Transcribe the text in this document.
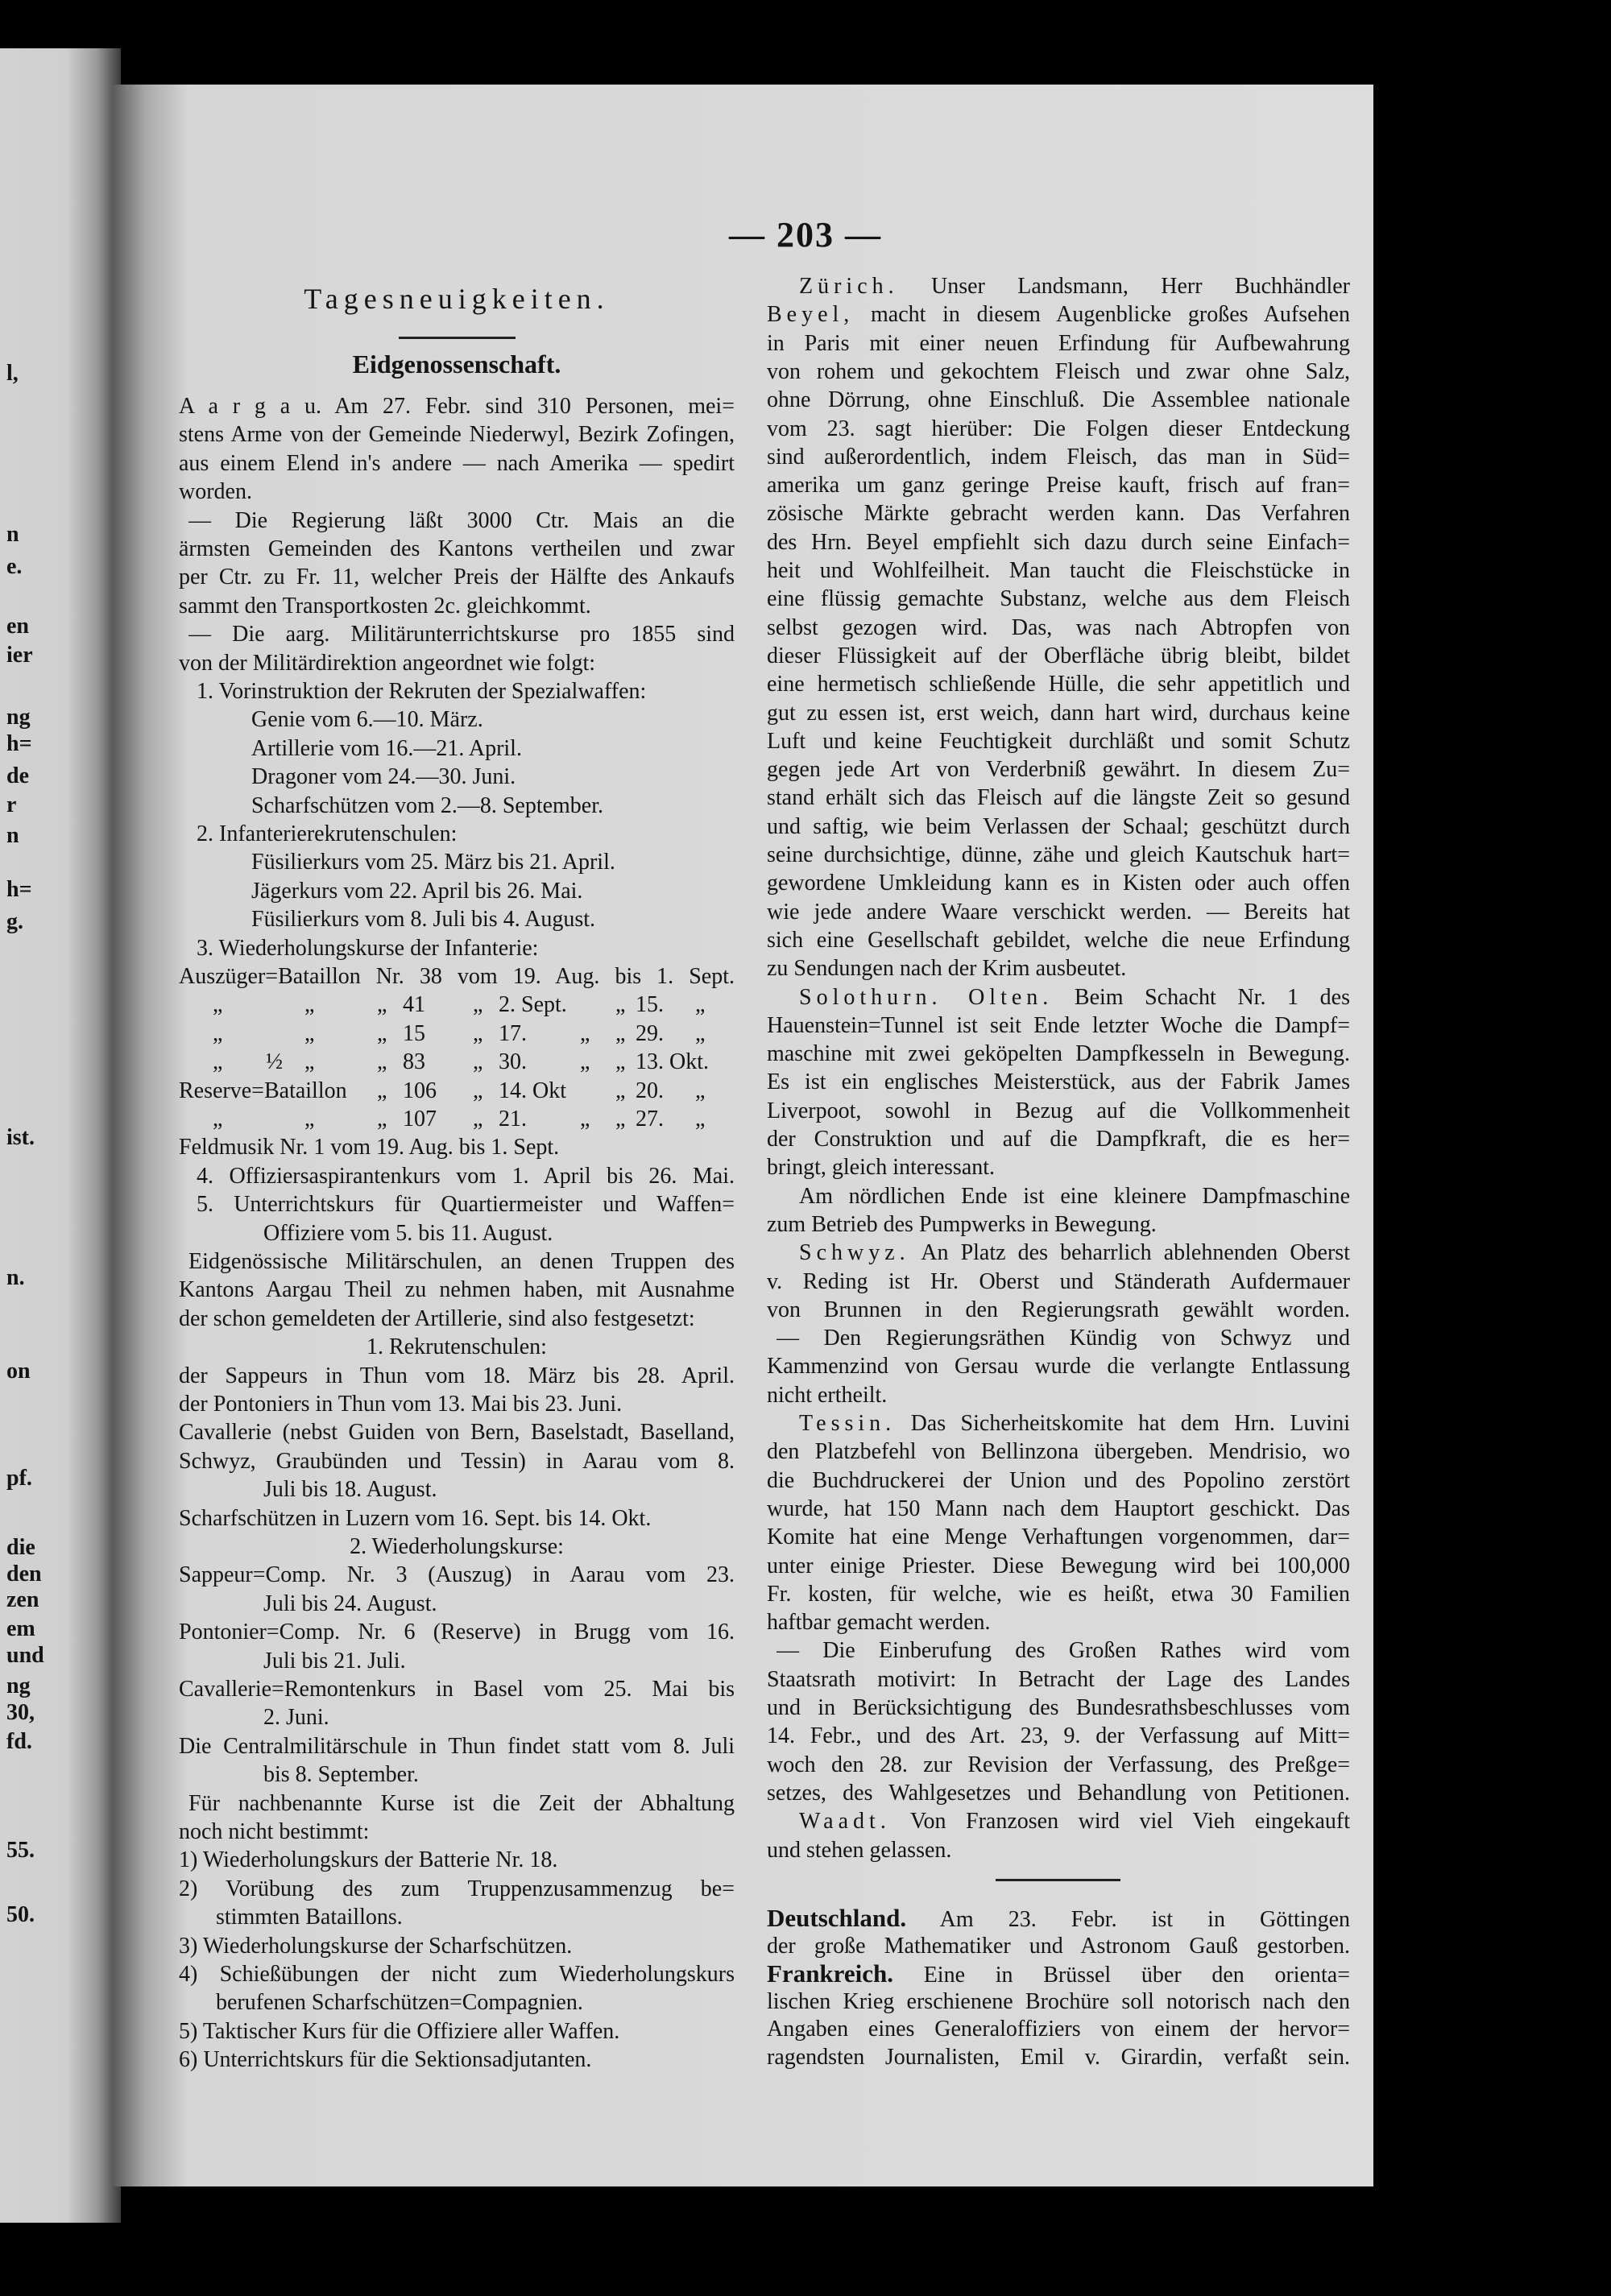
l,
n
e.
en
ier
ng
h=
de
r
n
h=
g.
ist.
n.
on
pf.
die
den
zen
em
und
ng
30,
fd.
55.
50.
— 203 —
Tagesneuigkeiten.
Eidgenossenschaft.
A a r g a u. Am 27. Febr. sind 310 Personen, mei=
stens Arme von der Gemeinde Niederwyl, Bezirk Zofingen,
aus einem Elend in's andere — nach Amerika — spedirt
worden.
— Die Regierung läßt 3000 Ctr. Mais an die
ärmsten Gemeinden des Kantons vertheilen und zwar
per Ctr. zu Fr. 11, welcher Preis der Hälfte des Ankaufs
sammt den Transportkosten 2c. gleichkommt.
— Die aarg. Militärunterrichtskurse pro 1855 sind
von der Militärdirektion angeordnet wie folgt:
1. Vorinstruktion der Rekruten der Spezialwaffen:
Genie vom 6.—10. März.
Artillerie vom 16.—21. April.
Dragoner vom 24.—30. Juni.
Scharfschützen vom 2.—8. September.
2. Infanterierekrutenschulen:
Füsilierkurs vom 25. März bis 21. April.
Jägerkurs vom 22. April bis 26. Mai.
Füsilierkurs vom 8. Juli bis 4. August.
3. Wiederholungskurse der Infanterie:
Auszüger=Bataillon Nr. 38 vom 19. Aug. bis 1. Sept.
„	„	„ 41 „ 2. Sept. „ 15. „
„	„	„ 15 „ 17. „ „ 29. „
„ ½ „	„ 83 „ 30. „ „ 13. Okt.
Reserve=Bataillon „ 106 „ 14. Okt „ 20. „
„	„	„ 107 „ 21. „ „ 27. „
Feldmusik Nr. 1 vom 19. Aug. bis 1. Sept.
4. Offiziersaspirantenkurs vom 1. April bis 26. Mai.
5. Unterrichtskurs für Quartiermeister und Waffen=
Offiziere vom 5. bis 11. August.
Eidgenössische Militärschulen, an denen Truppen des
Kantons Aargau Theil zu nehmen haben, mit Ausnahme
der schon gemeldeten der Artillerie, sind also festgesetzt:
1. Rekrutenschulen:
der Sappeurs in Thun vom 18. März bis 28. April.
der Pontoniers in Thun vom 13. Mai bis 23. Juni.
Cavallerie (nebst Guiden von Bern, Baselstadt, Baselland,
Schwyz, Graubünden und Tessin) in Aarau vom 8.
Juli bis 18. August.
Scharfschützen in Luzern vom 16. Sept. bis 14. Okt.
2. Wiederholungskurse:
Sappeur=Comp. Nr. 3 (Auszug) in Aarau vom 23.
Juli bis 24. August.
Pontonier=Comp. Nr. 6 (Reserve) in Brugg vom 16.
Juli bis 21. Juli.
Cavallerie=Remontenkurs in Basel vom 25. Mai bis
2. Juni.
Die Centralmilitärschule in Thun findet statt vom 8. Juli
bis 8. September.
Für nachbenannte Kurse ist die Zeit der Abhaltung
noch nicht bestimmt:
1) Wiederholungskurs der Batterie Nr. 18.
2) Vorübung des zum Truppenzusammenzug be=
stimmten Bataillons.
3) Wiederholungskurse der Scharfschützen.
4) Schießübungen der nicht zum Wiederholungskurs
berufenen Scharfschützen=Compagnien.
5) Taktischer Kurs für die Offiziere aller Waffen.
6) Unterrichtskurs für die Sektionsadjutanten.
Zürich. Unser Landsmann, Herr Buchhändler
Beyel, macht in diesem Augenblicke großes Aufsehen
in Paris mit einer neuen Erfindung für Aufbewahrung
von rohem und gekochtem Fleisch und zwar ohne Salz,
ohne Dörrung, ohne Einschluß. Die Assemblee nationale
vom 23. sagt hierüber: Die Folgen dieser Entdeckung
sind außerordentlich, indem Fleisch, das man in Süd=
amerika um ganz geringe Preise kauft, frisch auf fran=
zösische Märkte gebracht werden kann. Das Verfahren
des Hrn. Beyel empfiehlt sich dazu durch seine Einfach=
heit und Wohlfeilheit. Man taucht die Fleischstücke in
eine flüssig gemachte Substanz, welche aus dem Fleisch
selbst gezogen wird. Das, was nach Abtropfen von
dieser Flüssigkeit auf der Oberfläche übrig bleibt, bildet
eine hermetisch schließende Hülle, die sehr appetitlich und
gut zu essen ist, erst weich, dann hart wird, durchaus keine
Luft und keine Feuchtigkeit durchläßt und somit Schutz
gegen jede Art von Verderbniß gewährt. In diesem Zu=
stand erhält sich das Fleisch auf die längste Zeit so gesund
und saftig, wie beim Verlassen der Schaal; geschützt durch
seine durchsichtige, dünne, zähe und gleich Kautschuk hart=
gewordene Umkleidung kann es in Kisten oder auch offen
wie jede andere Waare verschickt werden. — Bereits hat
sich eine Gesellschaft gebildet, welche die neue Erfindung
zu Sendungen nach der Krim ausbeutet.
Solothurn. Olten. Beim Schacht Nr. 1 des
Hauenstein=Tunnel ist seit Ende letzter Woche die Dampf=
maschine mit zwei geköpelten Dampfkesseln in Bewegung.
Es ist ein englisches Meisterstück, aus der Fabrik James
Liverpoot, sowohl in Bezug auf die Vollkommenheit
der Construktion und auf die Dampfkraft, die es her=
bringt, gleich interessant.
Am nördlichen Ende ist eine kleinere Dampfmaschine
zum Betrieb des Pumpwerks in Bewegung.
Schwyz. An Platz des beharrlich ablehnenden Oberst
v. Reding ist Hr. Oberst und Ständerath Aufdermauer
von Brunnen in den Regierungsrath gewählt worden.
— Den Regierungsräthen Kündig von Schwyz und
Kammenzind von Gersau wurde die verlangte Entlassung
nicht ertheilt.
Tessin. Das Sicherheitskomite hat dem Hrn. Luvini
den Platzbefehl von Bellinzona übergeben. Mendrisio, wo
die Buchdruckerei der Union und des Popolino zerstört
wurde, hat 150 Mann nach dem Hauptort geschickt. Das
Komite hat eine Menge Verhaftungen vorgenommen, dar=
unter einige Priester. Diese Bewegung wird bei 100,000
Fr. kosten, für welche, wie es heißt, etwa 30 Familien
haftbar gemacht werden.
— Die Einberufung des Großen Rathes wird vom
Staatsrath motivirt: In Betracht der Lage des Landes
und in Berücksichtigung des Bundesrathsbeschlusses vom
14. Febr., und des Art. 23, 9. der Verfassung auf Mitt=
woch den 28. zur Revision der Verfassung, des Preßge=
setzes, des Wahlgesetzes und Behandlung von Petitionen.
Waadt. Von Franzosen wird viel Vieh eingekauft
und stehen gelassen.
Deutschland. Am 23. Febr. ist in Göttingen
der große Mathematiker und Astronom Gauß gestorben.
Frankreich. Eine in Brüssel über den orienta=
lischen Krieg erschienene Brochüre soll notorisch nach den
Angaben eines Generaloffiziers von einem der hervor=
ragendsten Journalisten, Emil v. Girardin, verfaßt sein.
